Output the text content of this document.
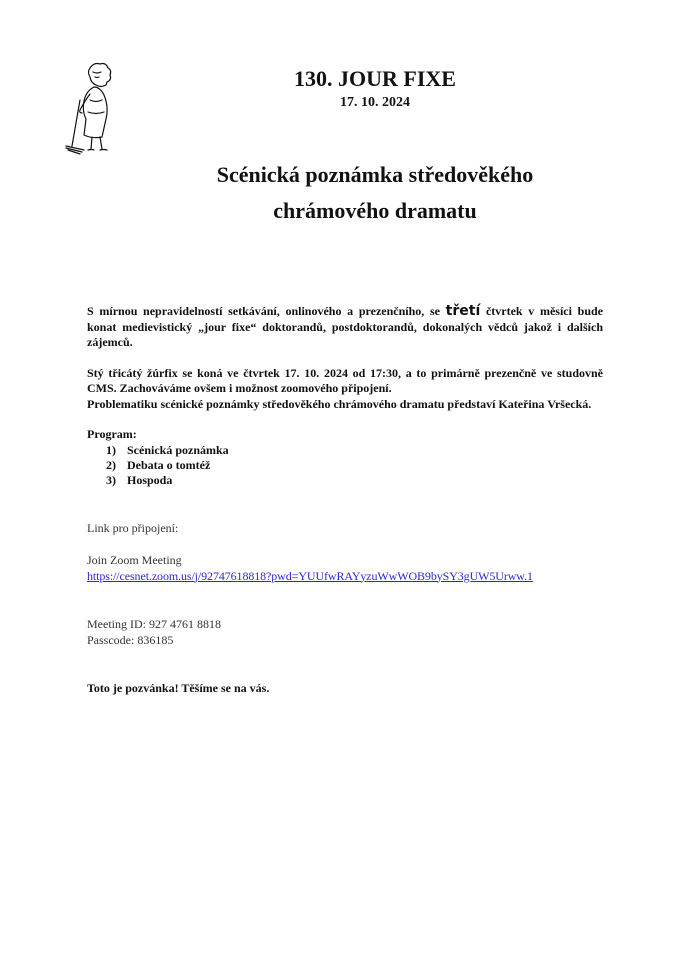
130. JOUR FIXE
17. 10. 2024
Scénická poznámka středověkého
chrámového dramatu

S mírnou nepravidelností setkávání, onlinového a prezenčního, se třetí čtvrtek v měsíci bude konat medievistický „jour fixe“ doktorandů, postdoktorandů, dokonalých vědců jakož i dalších zájemců.

Stý třicátý žúrfix se koná ve čtvrtek 17. 10. 2024 od 17:30, a to primárně prezenčně ve studovně CMS. Zachováváme ovšem i možnost zoomového připojení.

Problematiku scénické poznámky středověkého chrámového dramatu představí Kateřina Vršecká.

Program:

1) Scénická poznámka
2) Debata o tomtéž
3) Hospoda

Link pro připojení:

Join Zoom Meeting

https://cesnet.zoom.us/j/92747618818?pwd=YUUfwRAYyzuWwWOB9bySY3gUW5Urww.1

Meeting ID: 927 4761 8818

Passcode: 836185

Toto je pozvánka! Těšíme se na vás.
